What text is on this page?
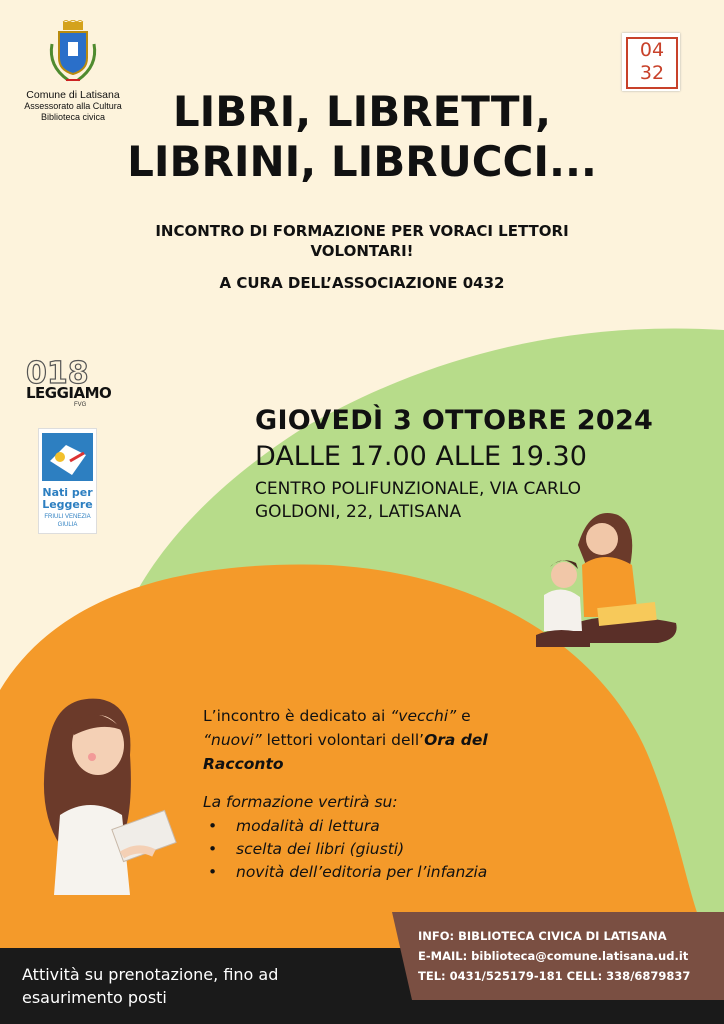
Comune di Latisana
Assessorato alla Cultura
Biblioteca civica
04
32
LIBRI, LIBRETTI,
LIBRINI, LIBRUCCI...
INCONTRO DI FORMAZIONE PER VORACI LETTORI
VOLONTARI!
A CURA DELL’ASSOCIAZIONE 0432
018
LEGGIAMO
FVG
Nati per
Leggere
FRIULI VENEZIA
GIULIA
GIOVEDÌ 3 OTTOBRE 2024
DALLE 17.00 ALLE 19.30
CENTRO POLIFUNZIONALE, VIA CARLO
GOLDONI, 22, LATISANA
L’incontro è dedicato ai “vecchi” e
“nuovi” lettori volontari dell’Ora del Racconto
La formazione vertirà su:
• modalità di lettura
• scelta dei libri (giusti)
• novità dell’editoria per l’infanzia
INFO: BIBLIOTECA CIVICA DI LATISANA
E-MAIL: biblioteca@comune.latisana.ud.it
TEL: 0431/525179-181 CELL: 338/6879837
Attività su prenotazione, fino ad
esaurimento posti
